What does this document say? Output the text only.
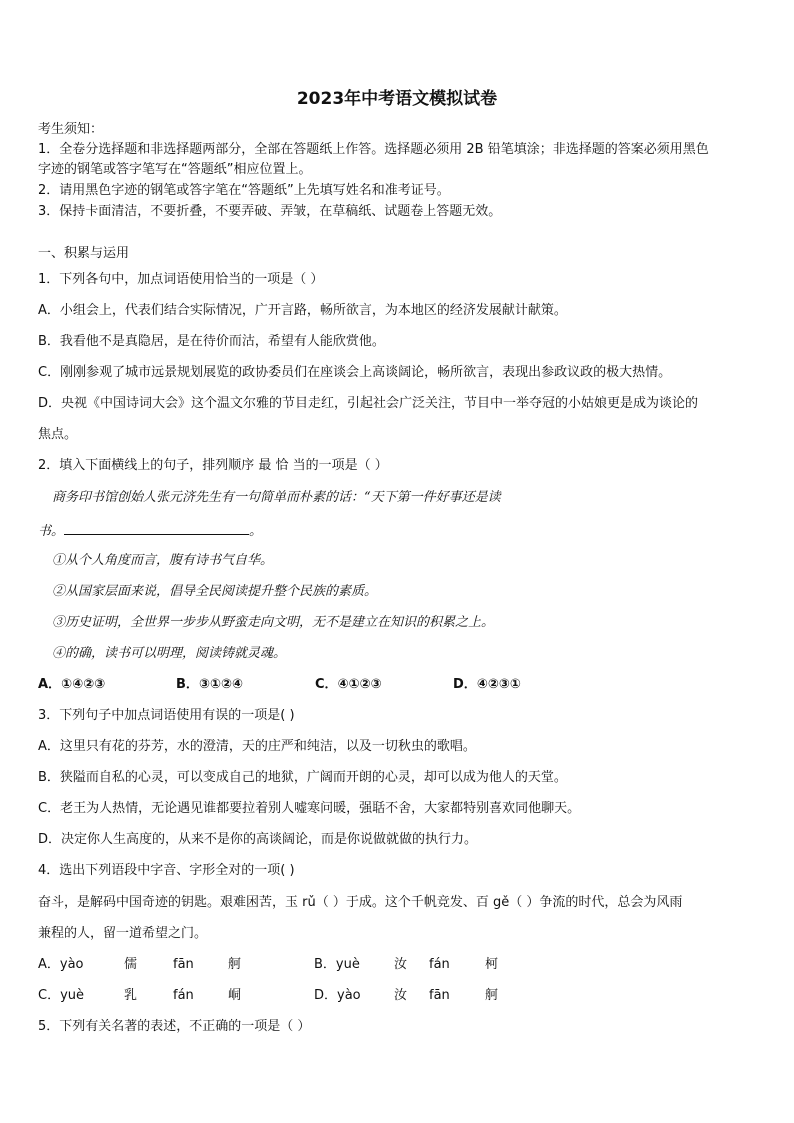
2023年中考语文模拟试卷
考生须知：
1．全卷分选择题和非选择题两部分，全部在答题纸上作答。选择题必须用 2B 铅笔填涂；非选择题的答案必须用黑色
字迹的钢笔或答字笔写在“答题纸”相应位置上。
2．请用黑色字迹的钢笔或答字笔在“答题纸”上先填写姓名和准考证号。
3．保持卡面清洁，不要折叠，不要弄破、弄皱，在草稿纸、试题卷上答题无效。
一、积累与运用
1．下列各句中，加点词语使用恰当的一项是（ ）
A．小组会上，代表们结合实际情况，广开言路，畅所欲言，为本地区的经济发展献计献策。
B．我看他不是真隐居，是在待价而沽，希望有人能欣赏他。
C．刚刚参观了城市远景规划展览的政协委员们在座谈会上高谈阔论，畅所欲言，表现出参政议政的极大热情。
D．央视《中国诗词大会》这个温文尔雅的节目走红，引起社会广泛关注，节目中一举夺冠的小姑娘更是成为谈论的
焦点。
2．填入下面横线上的句子，排列顺序 最 恰 当的一项是（ ）
商务印书馆创始人张元济先生有一句简单而朴素的话：“天下第一件好事还是读
书。	。
①从个人角度而言，腹有诗书气自华。
②从国家层面来说，倡导全民阅读提升整个民族的素质。
③历史证明，全世界一步步从野蛮走向文明，无不是建立在知识的积累之上。
④的确，读书可以明理，阅读铸就灵魂。
A．①④②③	B．③①②④	C．④①②③	D．④②③①
3．下列句子中加点词语使用有误的一项是( )
A．这里只有花的芬芳，水的澄清，天的庄严和纯洁，以及一切秋虫的歌唱。
B．狭隘而自私的心灵，可以变成自己的地狱，广阔而开朗的心灵，却可以成为他人的天堂。
C．老王为人热情，无论遇见谁都要拉着别人嘘寒问暖，强聒不舍，大家都特别喜欢同他聊天。
D．决定你人生高度的，从来不是你的高谈阔论，而是你说做就做的执行力。
4．选出下列语段中字音、字形全对的一项( )
奋斗，是解码中国奇迹的钥匙。艰难困苦，玉 rǔ（ ）于成。这个千帆竞发、百 gě（ ）争流的时代，总会为风雨
兼程的人，留一道希望之门。
A．yào	儒	fān	舸	B．yuè	汝 fán	柯
C．yuè	乳	fán	峒	D．yào	汝 fān	舸
5．下列有关名著的表述，不正确的一项是（ ）
